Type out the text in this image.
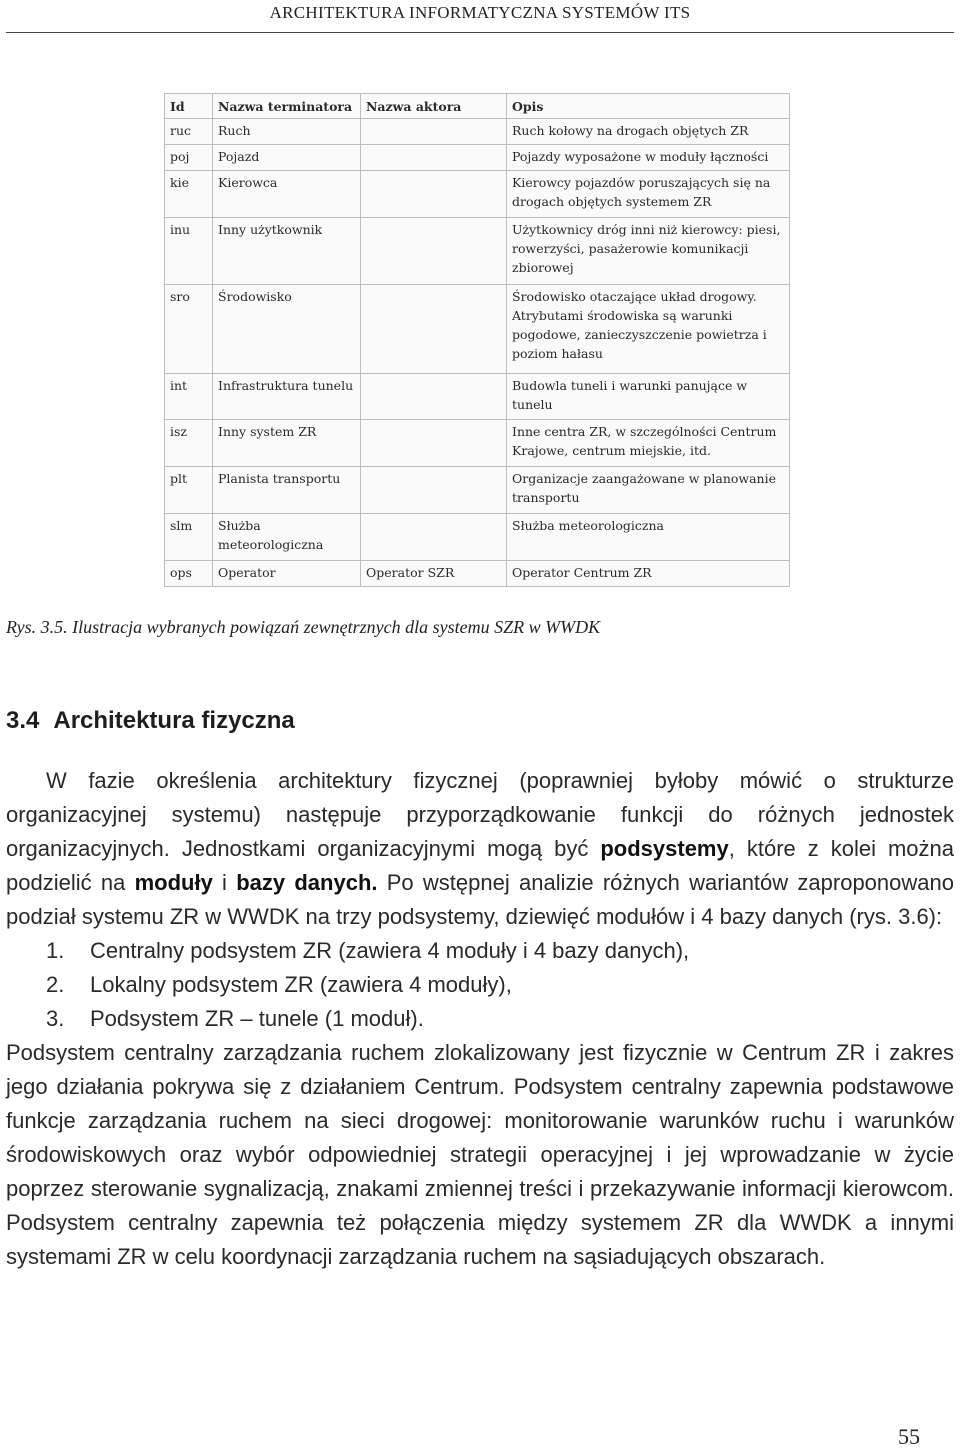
ARCHITEKTURA INFORMATYCZNA SYSTEMÓW ITS
Id	Nazwa terminatora	Nazwa aktora	Opis
ruc	Ruch		Ruch kołowy na drogach objętych ZR
poj	Pojazd		Pojazdy wyposażone w moduły łączności
kie	Kierowca		Kierowcy pojazdów poruszających się na drogach objętych systemem ZR
inu	Inny użytkownik		Użytkownicy dróg inni niż kierowcy: piesi, rowerzyści, pasażerowie komunikacji zbiorowej
sro	Środowisko		Środowisko otaczające układ drogowy. Atrybutami środowiska są warunki pogodowe, zanieczyszczenie powietrza i poziom hałasu
int	Infrastruktura tunelu		Budowla tuneli i warunki panujące w tunelu
isz	Inny system ZR		Inne centra ZR, w szczególności Centrum Krajowe, centrum miejskie, itd.
plt	Planista transportu		Organizacje zaangażowane w planowanie transportu
slm	Służba meteorologiczna		Służba meteorologiczna
ops	Operator	Operator SZR	Operator Centrum ZR
Rys. 3.5. Ilustracja wybranych powiązań zewnętrznych dla systemu SZR w WWDK
3.4 Architektura fizyczna

W fazie określenia architektury fizycznej (poprawniej byłoby mówić o strukturze organizacyjnej systemu) następuje przyporządkowanie funkcji do różnych jednostek organizacyjnych. Jednostkami organizacyjnymi mogą być podsystemy, które z kolei można podzielić na moduły i bazy danych. Po wstępnej analizie różnych wariantów zaproponowano podział systemu ZR w WWDK na trzy podsystemy, dziewięć modułów i 4 bazy danych (rys. 3.6):

1. Centralny podsystem ZR (zawiera 4 moduły i 4 bazy danych),
2. Lokalny podsystem ZR (zawiera 4 moduły),
3. Podsystem ZR – tunele (1 moduł).

Podsystem centralny zarządzania ruchem zlokalizowany jest fizycznie w Centrum ZR i zakres jego działania pokrywa się z działaniem Centrum. Podsystem centralny zapewnia podstawowe funkcje zarządzania ruchem na sieci drogowej: monitorowanie warunków ruchu i warunków środowiskowych oraz wybór odpowiedniej strategii operacyjnej i jej wprowadzanie w życie poprzez sterowanie sygnalizacją, znakami zmiennej treści i przekazywanie informacji kierowcom. Podsystem centralny zapewnia też połączenia między systemem ZR dla WWDK a innymi systemami ZR w celu koordynacji zarządzania ruchem na sąsiadujących obszarach.

55
